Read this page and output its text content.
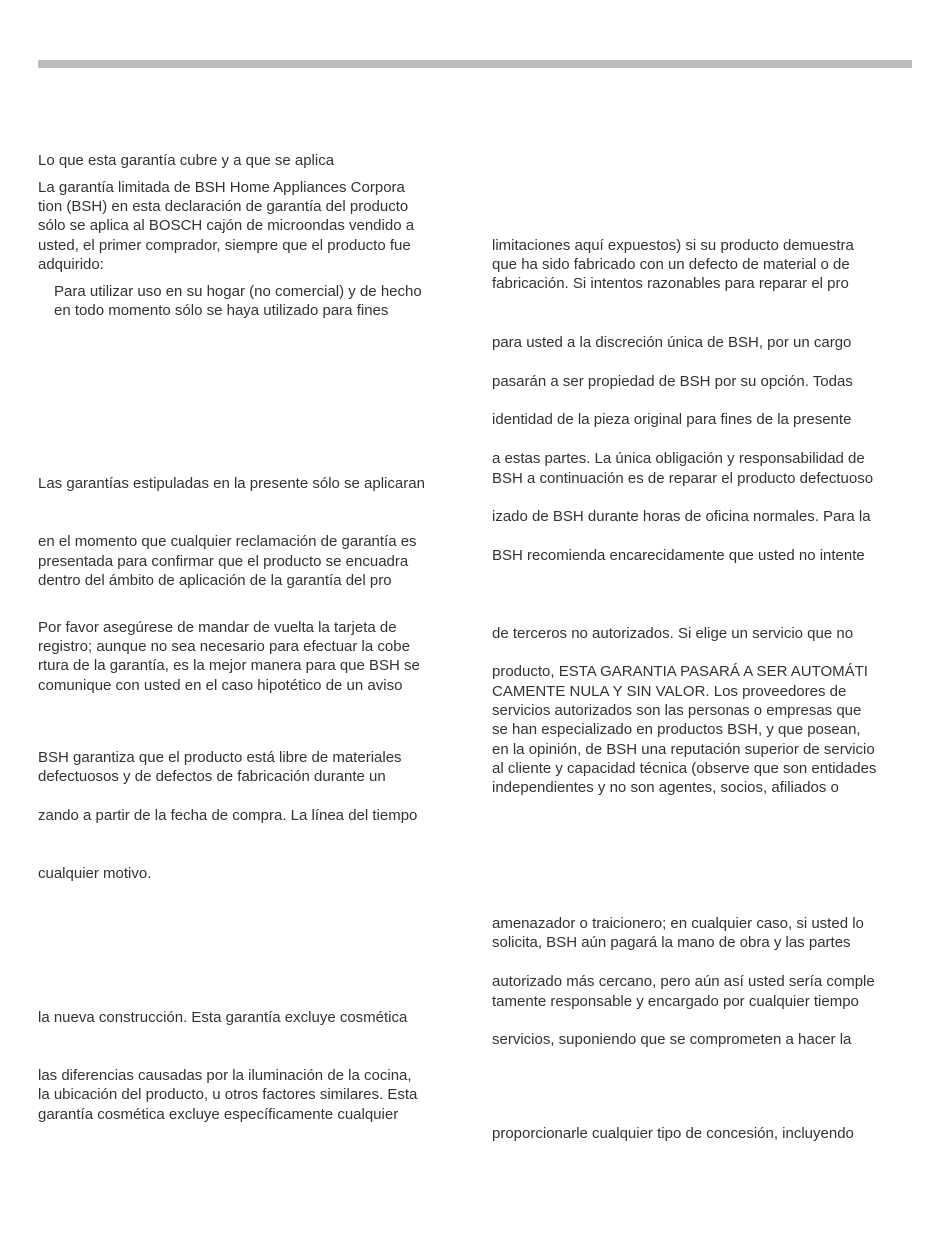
Lo que esta garantía cubre y a que se aplica
La garantía limitada de BSH Home Appliances Corpora
tion (BSH) en esta declaración de garantía del producto
sólo se aplica al BOSCH cajón de microondas vendido a
usted, el primer comprador, siempre que el producto fue
adquirido:
Para utilizar uso en su hogar (no comercial) y de hecho
en todo momento sólo se haya utilizado para fines
Las garantías estipuladas en la presente sólo se aplicaran
en el momento que cualquier reclamación de garantía es
presentada para confirmar que el producto se encuadra
dentro del ámbito de aplicación de la garantía del pro
Por favor asegúrese de mandar de vuelta la tarjeta de
registro; aunque no sea necesario para efectuar la cobe
rtura de la garantía, es la mejor manera para que BSH se
comunique con usted en el caso hipotético de un aviso
BSH garantiza que el producto está libre de materiales
defectuosos y de defectos de fabricación durante un
zando a partir de la fecha de compra. La línea del tiempo
cualquier motivo.
la nueva construcción. Esta garantía excluye cosmética
las diferencias causadas por la iluminación de la cocina,
la ubicación del producto, u otros factores similares. Esta
garantía cosmética excluye específicamente cualquier
limitaciones aquí expuestos) si su producto demuestra
que ha sido fabricado con un defecto de material o de
fabricación. Si intentos razonables para reparar el pro
para usted a la discreción única de BSH, por un cargo
pasarán a ser propiedad de BSH por su opción. Todas
identidad de la pieza original para fines de la presente
a estas partes. La única obligación y responsabilidad de
BSH a continuación es de reparar el producto defectuoso
izado de BSH durante horas de oficina normales. Para la
BSH recomienda encarecidamente que usted no intente
de terceros no autorizados. Si elige un servicio que no
producto, ESTA GARANTIA PASARÁ A SER AUTOMÁTI
CAMENTE NULA Y SIN VALOR. Los proveedores de
servicios autorizados son las personas o empresas que
se han especializado en productos BSH, y que posean,
en la opinión, de BSH una reputación superior de servicio
al cliente y capacidad técnica (observe que son entidades
independientes y no son agentes, socios, afiliados o
amenazador o traicionero; en cualquier caso, si usted lo
solicita, BSH aún pagará la mano de obra y las partes
autorizado más cercano, pero aún así usted sería comple
tamente responsable y encargado por cualquier tiempo
servicios, suponiendo que se comprometen a hacer la
proporcionarle cualquier tipo de concesión, incluyendo
